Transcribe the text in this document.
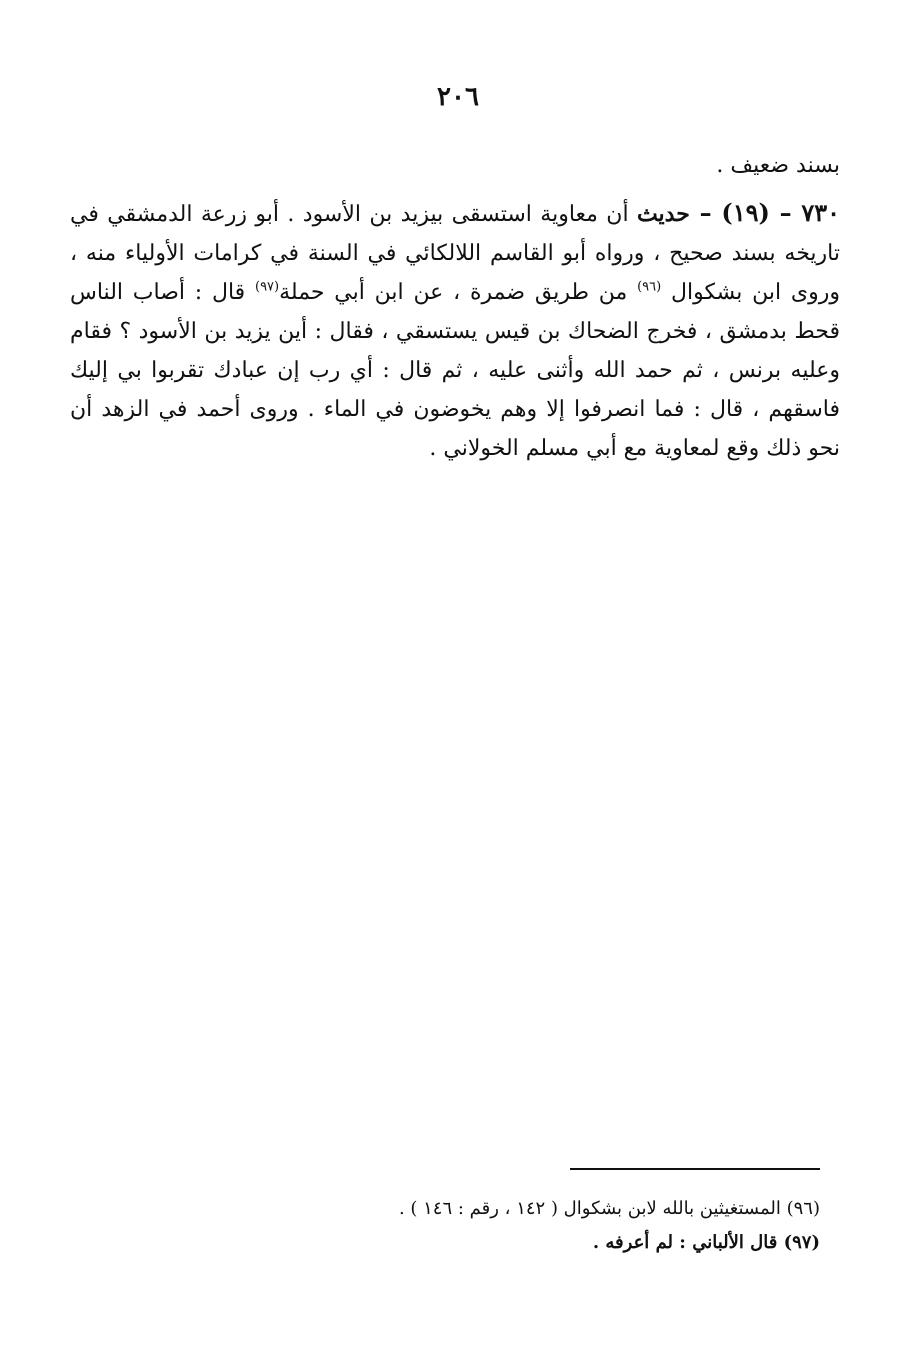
٢٠٦

بسند ضعيف .

٧٣٠ – (١٩) – حديث أن معاوية استسقى بيزيد بن الأسود . أبو زرعة الدمشقي في تاريخه بسند صحيح ، ورواه أبو القاسم اللالكائي في السنة في كرامات الأولياء منه ، وروى ابن بشكوال $^{(٩٦)}$ من طريق ضمرة ، عن ابن أبي حملة$^{(٩٧)}$ قال : أصاب الناس قحط بدمشق ، فخرج الضحاك بن قيس يستسقي ، فقال : أين يزيد بن الأسود ؟ فقام وعليه برنس ، ثم حمد الله وأثنى عليه ، ثم قال : أي رب إن عبادك تقربوا بي إليك فاسقهم ، قال : فما انصرفوا إلا وهم يخوضون في الماء . وروى أحمد في الزهد أن نحو ذلك وقع لمعاوية مع أبي مسلم الخولاني .

(٩٦) المستغيثين بالله لابن بشكوال ( ١٤٢ ، رقم : ١٤٦ ) .

(٩٧) قال الألباني : لم أعرفه .
